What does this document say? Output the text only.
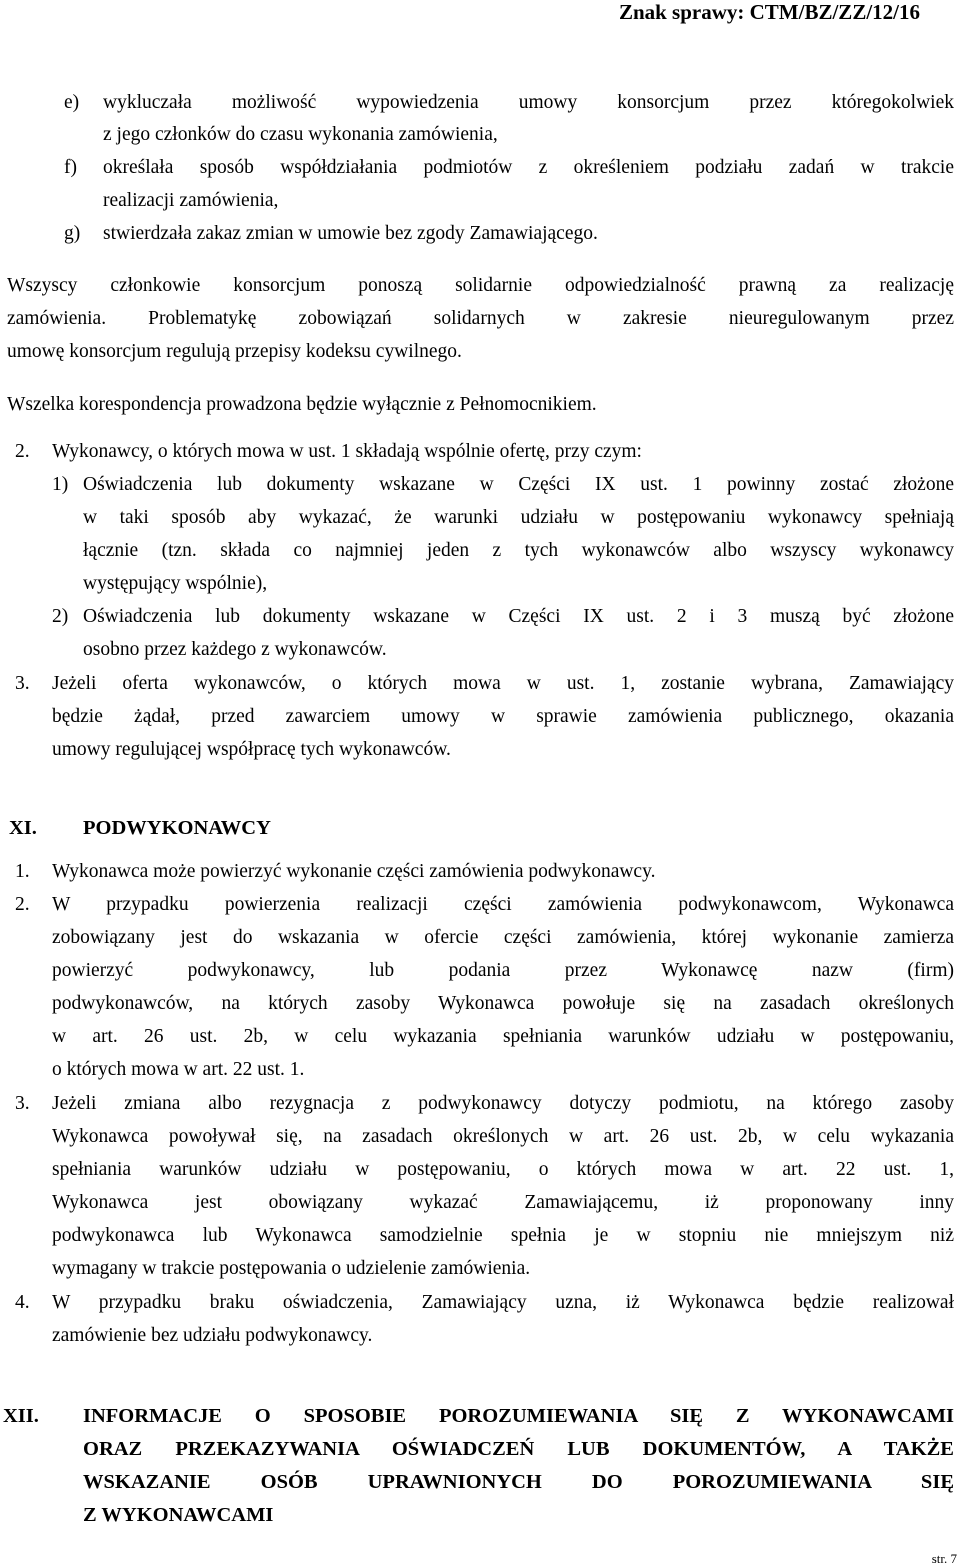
Znak sprawy: CTM/BZ/ZZ/12/16
e) wykluczała możliwość wypowiedzenia umowy konsorcjum przez któregokolwiek
z jego członków do czasu wykonania zamówienia,
f) określała sposób współdziałania podmiotów z określeniem podziału zadań w trakcie
realizacji zamówienia,
g) stwierdzała zakaz zmian w umowie bez zgody Zamawiającego.
Wszyscy członkowie konsorcjum ponoszą solidarnie odpowiedzialność prawną za realizację
zamówienia. Problematykę zobowiązań solidarnych w zakresie nieuregulowanym przez
umowę konsorcjum regulują przepisy kodeksu cywilnego.
Wszelka korespondencja prowadzona będzie wyłącznie z Pełnomocnikiem.
2. Wykonawcy, o których mowa w ust. 1 składają wspólnie ofertę, przy czym:
1) Oświadczenia lub dokumenty wskazane w Części IX ust. 1 powinny zostać złożone
w taki sposób aby wykazać, że warunki udziału w postępowaniu wykonawcy spełniają
łącznie (tzn. składa co najmniej jeden z tych wykonawców albo wszyscy wykonawcy
występujący wspólnie),
2) Oświadczenia lub dokumenty wskazane w Części IX ust. 2 i 3 muszą być złożone
osobno przez każdego z wykonawców.
3. Jeżeli oferta wykonawców, o których mowa w ust. 1, zostanie wybrana, Zamawiający
będzie żądał, przed zawarciem umowy w sprawie zamówienia publicznego, okazania
umowy regulującej współpracę tych wykonawców.
XI. PODWYKONAWCY
1. Wykonawca może powierzyć wykonanie części zamówienia podwykonawcy.
2. W przypadku powierzenia realizacji części zamówienia podwykonawcom, Wykonawca
zobowiązany jest do wskazania w ofercie części zamówienia, której wykonanie zamierza
powierzyć podwykonawcy, lub podania przez Wykonawcę nazw (firm)
podwykonawców, na których zasoby Wykonawca powołuje się na zasadach określonych
w art. 26 ust. 2b, w celu wykazania spełniania warunków udziału w postępowaniu,
o których mowa w art. 22 ust. 1.
3. Jeżeli zmiana albo rezygnacja z podwykonawcy dotyczy podmiotu, na którego zasoby
Wykonawca powoływał się, na zasadach określonych w art. 26 ust. 2b, w celu wykazania
spełniania warunków udziału w postępowaniu, o których mowa w art. 22 ust. 1,
Wykonawca jest obowiązany wykazać Zamawiającemu, iż proponowany inny
podwykonawca lub Wykonawca samodzielnie spełnia je w stopniu nie mniejszym niż
wymagany w trakcie postępowania o udzielenie zamówienia.
4. W przypadku braku oświadczenia, Zamawiający uzna, iż Wykonawca będzie realizował
zamówienie bez udziału podwykonawcy.
XII. INFORMACJE O SPOSOBIE POROZUMIEWANIA SIĘ Z WYKONAWCAMI
ORAZ PRZEKAZYWANIA OŚWIADCZEŃ LUB DOKUMENTÓW, A TAKŻE
WSKAZANIE OSÓB UPRAWNIONYCH DO POROZUMIEWANIA SIĘ
Z WYKONAWCAMI
str. 7
